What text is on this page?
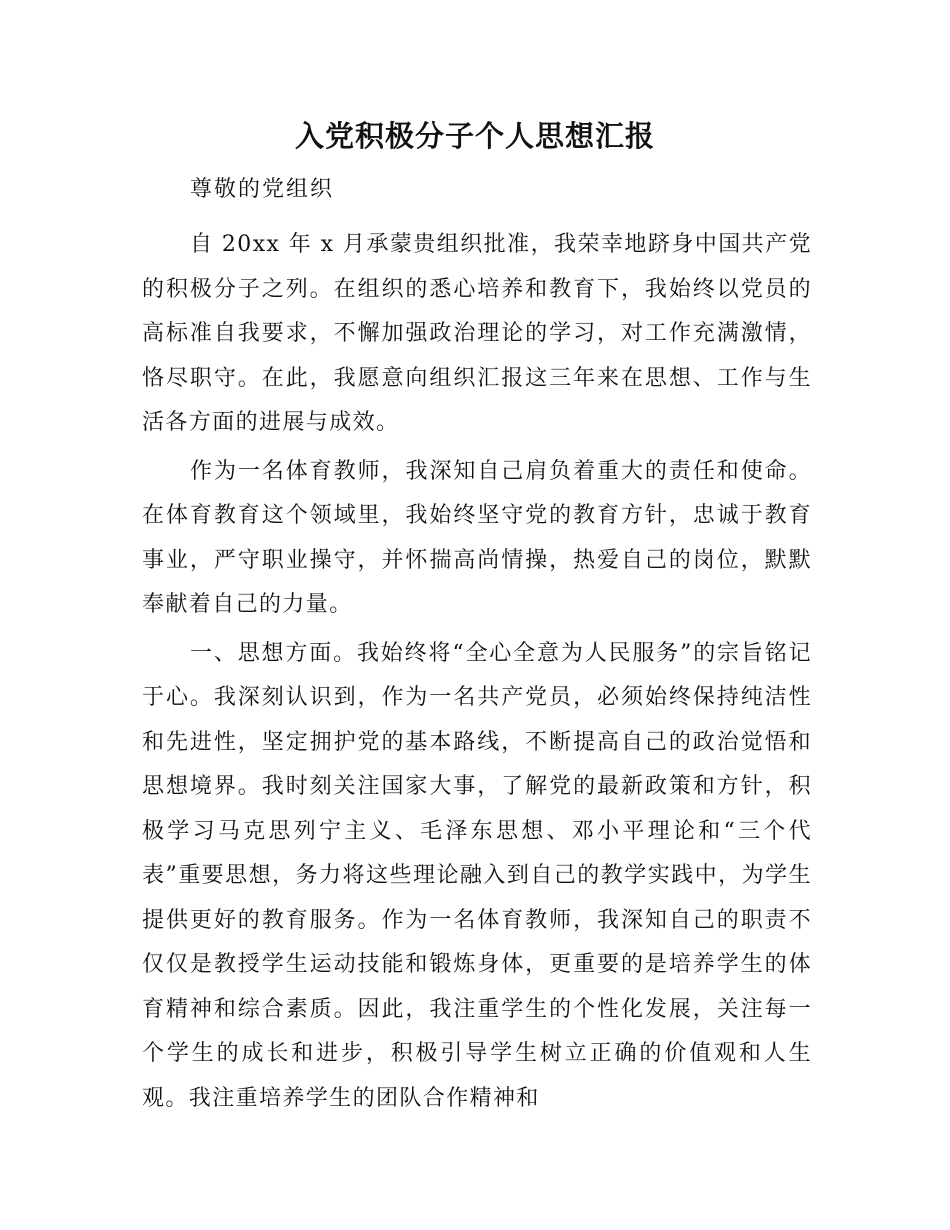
入党积极分子个人思想汇报

尊敬的党组织

自 20xx 年 x 月承蒙贵组织批准，我荣幸地跻身中国共产党的积极分子之列。在组织的悉心培养和教育下，我始终以党员的高标准自我要求，不懈加强政治理论的学习，对工作充满激情，恪尽职守。在此，我愿意向组织汇报这三年来在思想、工作与生活各方面的进展与成效。

作为一名体育教师，我深知自己肩负着重大的责任和使命。在体育教育这个领域里，我始终坚守党的教育方针，忠诚于教育事业，严守职业操守，并怀揣高尚情操，热爱自己的岗位，默默奉献着自己的力量。

一、思想方面。我始终将“全心全意为人民服务”的宗旨铭记于心。我深刻认识到，作为一名共产党员，必须始终保持纯洁性和先进性，坚定拥护党的基本路线，不断提高自己的政治觉悟和思想境界。我时刻关注国家大事，了解党的最新政策和方针，积极学习马克思列宁主义、毛泽东思想、邓小平理论和“三个代表”重要思想，务力将这些理论融入到自己的教学实践中，为学生提供更好的教育服务。作为一名体育教师，我深知自己的职责不仅仅是教授学生运动技能和锻炼身体，更重要的是培养学生的体育精神和综合素质。因此，我注重学生的个性化发展，关注每一个学生的成长和进步，积极引导学生树立正确的价值观和人生观。我注重培养学生的团队合作精神和
